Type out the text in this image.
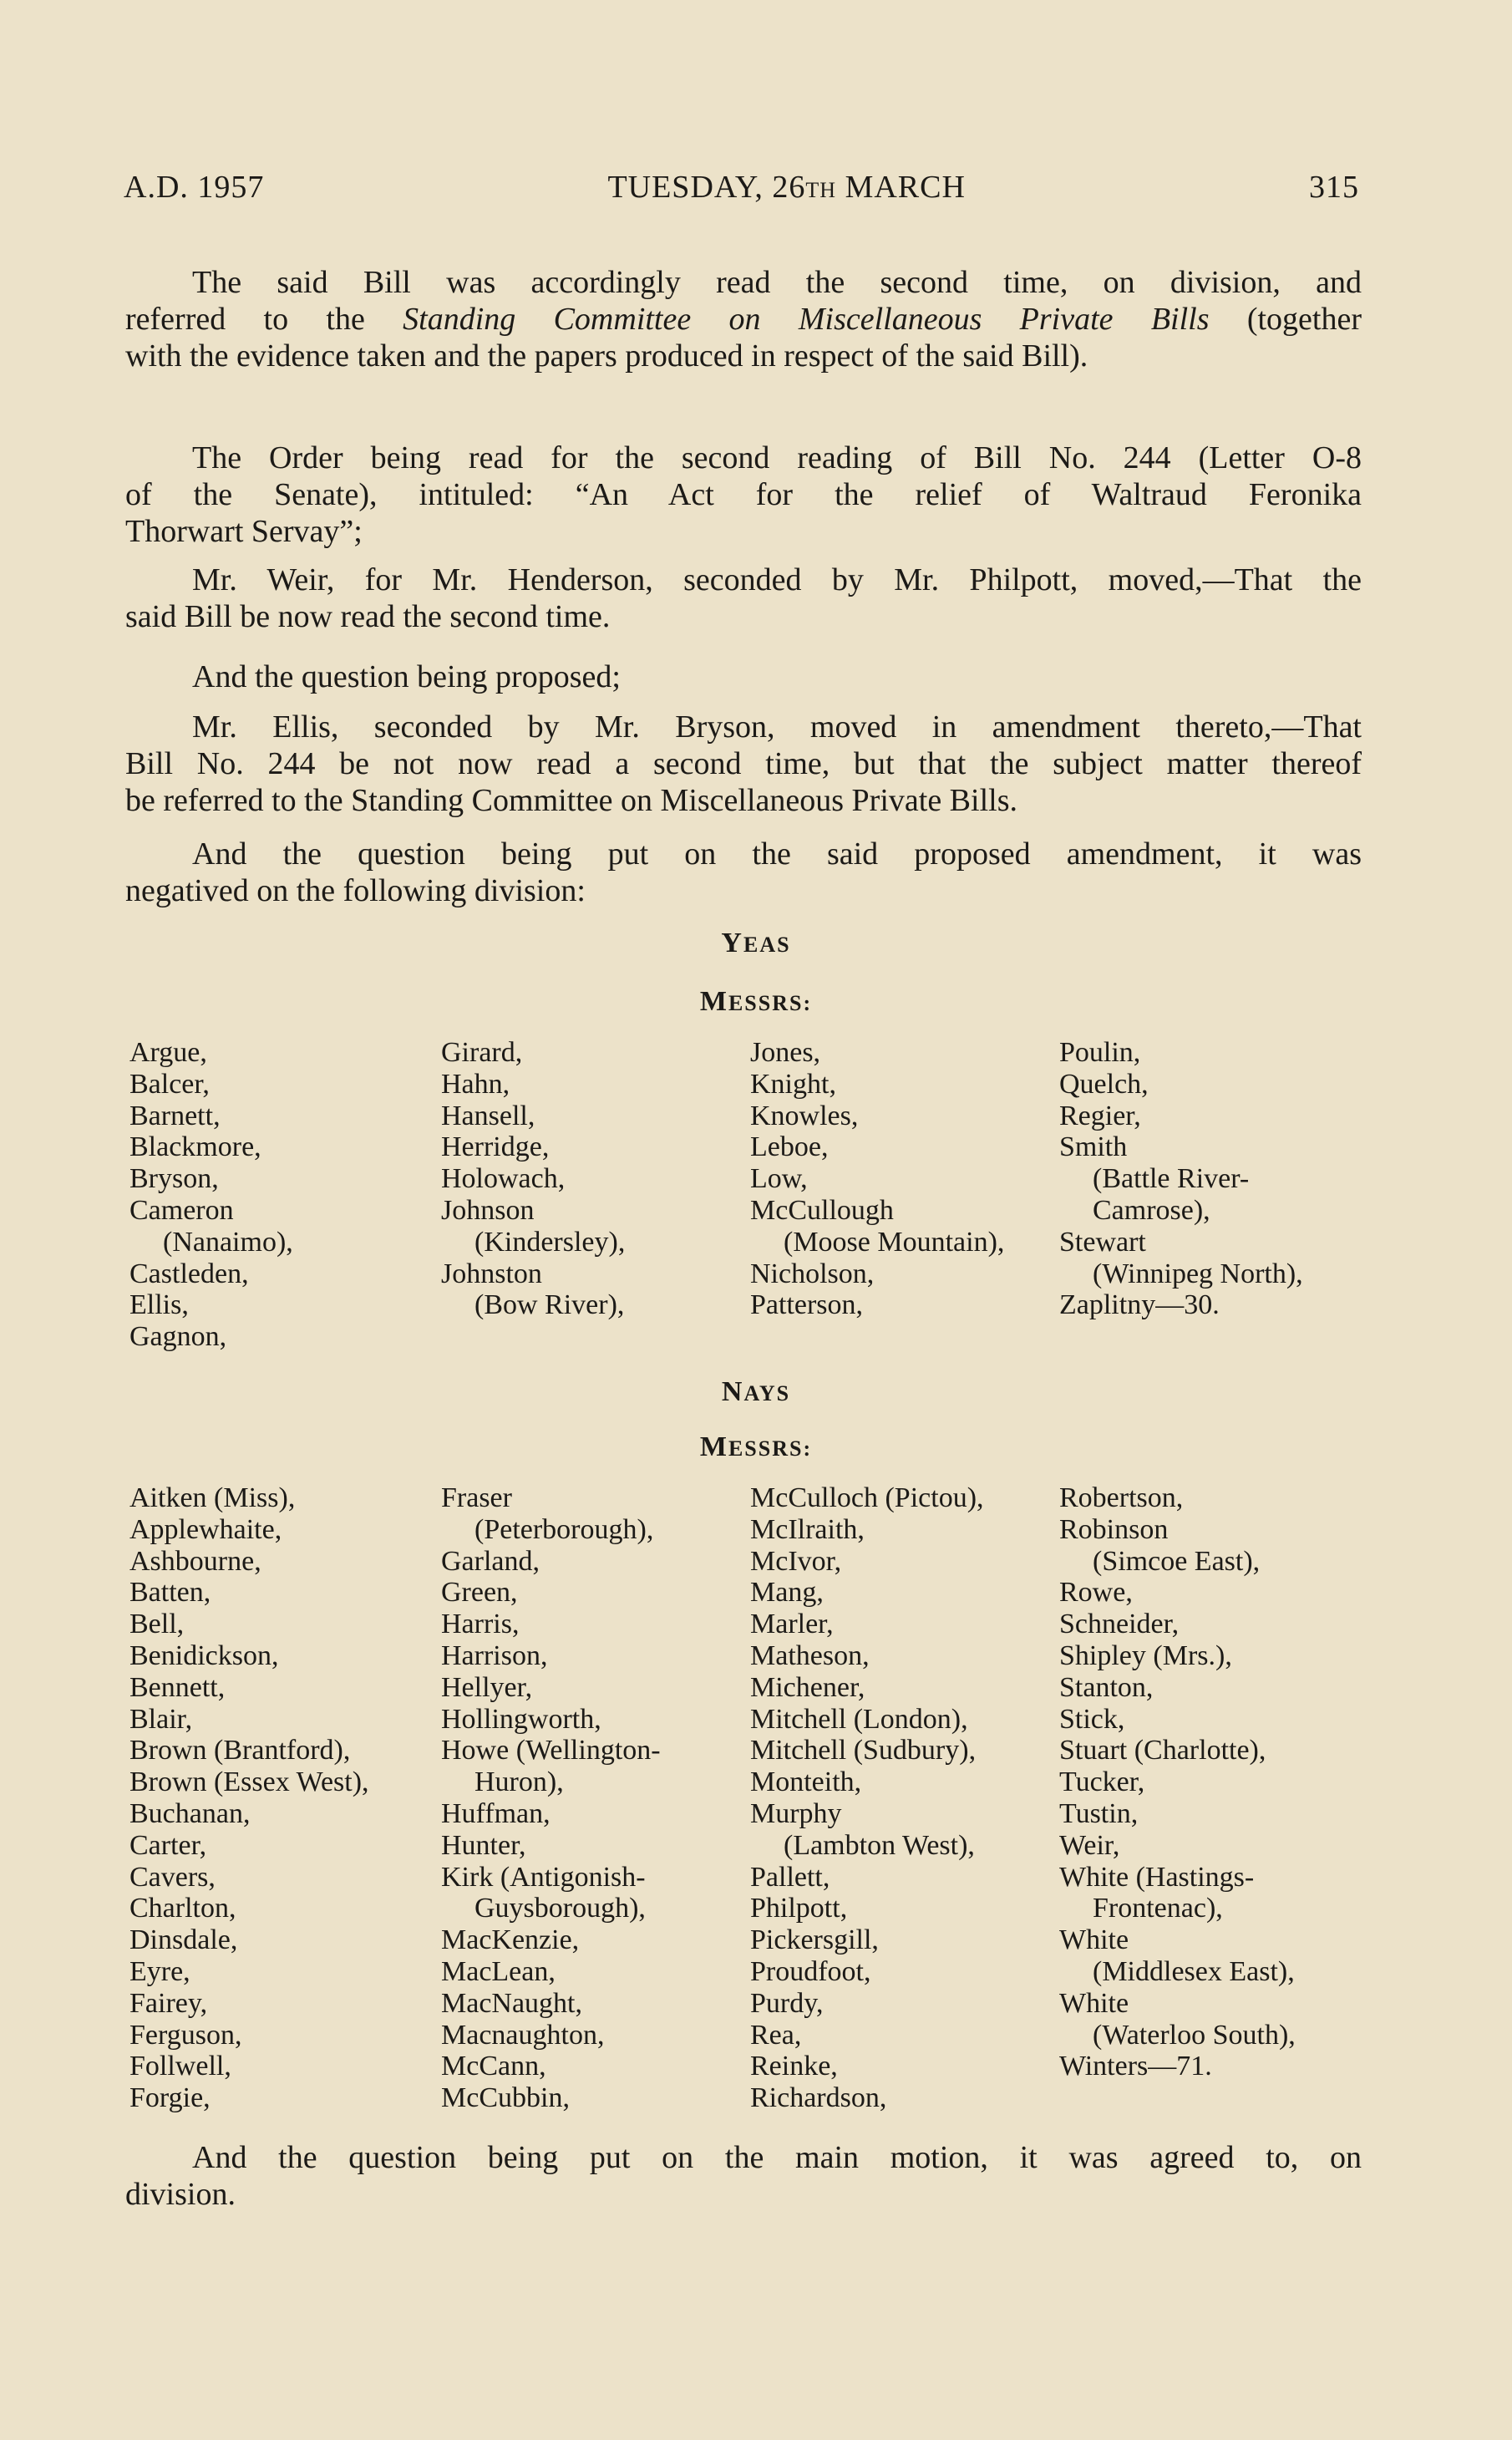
A.D. 1957	TUESDAY, 26TH MARCH	315
The said Bill was accordingly read the second time, on division, and
referred to the Standing Committee on Miscellaneous Private Bills (together
with the evidence taken and the papers produced in respect of the said Bill).
The Order being read for the second reading of Bill No. 244 (Letter O-8
of the Senate), intituled: “An Act for the relief of Waltraud Feronika
Thorwart Servay”;
Mr. Weir, for Mr. Henderson, seconded by Mr. Philpott, moved,—That the
said Bill be now read the second time.
And the question being proposed;
Mr. Ellis, seconded by Mr. Bryson, moved in amendment thereto,—That
Bill No. 244 be not now read a second time, but that the subject matter thereof
be referred to the Standing Committee on Miscellaneous Private Bills.
And the question being put on the said proposed amendment, it was
negatived on the following division:
YEAS
MESSRS:
Argue,
Balcer,
Barnett,
Blackmore,
Bryson,
Cameron
(Nanaimo),
Castleden,
Ellis,
Gagnon,
Girard,
Hahn,
Hansell,
Herridge,
Holowach,
Johnson
(Kindersley),
Johnston
(Bow River),
Jones,
Knight,
Knowles,
Leboe,
Low,
McCullough
(Moose Mountain),
Nicholson,
Patterson,
Poulin,
Quelch,
Regier,
Smith
(Battle River-
Camrose),
Stewart
(Winnipeg North),
Zaplitny—30.
NAYS
MESSRS:
Aitken (Miss),
Applewhaite,
Ashbourne,
Batten,
Bell,
Benidickson,
Bennett,
Blair,
Brown (Brantford),
Brown (Essex West),
Buchanan,
Carter,
Cavers,
Charlton,
Dinsdale,
Eyre,
Fairey,
Ferguson,
Follwell,
Forgie,
Fraser
(Peterborough),
Garland,
Green,
Harris,
Harrison,
Hellyer,
Hollingworth,
Howe (Wellington-
Huron),
Huffman,
Hunter,
Kirk (Antigonish-
Guysborough),
MacKenzie,
MacLean,
MacNaught,
Macnaughton,
McCann,
McCubbin,
McCulloch (Pictou),
McIlraith,
McIvor,
Mang,
Marler,
Matheson,
Michener,
Mitchell (London),
Mitchell (Sudbury),
Monteith,
Murphy
(Lambton West),
Pallett,
Philpott,
Pickersgill,
Proudfoot,
Purdy,
Rea,
Reinke,
Richardson,
Robertson,
Robinson
(Simcoe East),
Rowe,
Schneider,
Shipley (Mrs.),
Stanton,
Stick,
Stuart (Charlotte),
Tucker,
Tustin,
Weir,
White (Hastings-
Frontenac),
White
(Middlesex East),
White
(Waterloo South),
Winters—71.
And the question being put on the main motion, it was agreed to, on
division.
